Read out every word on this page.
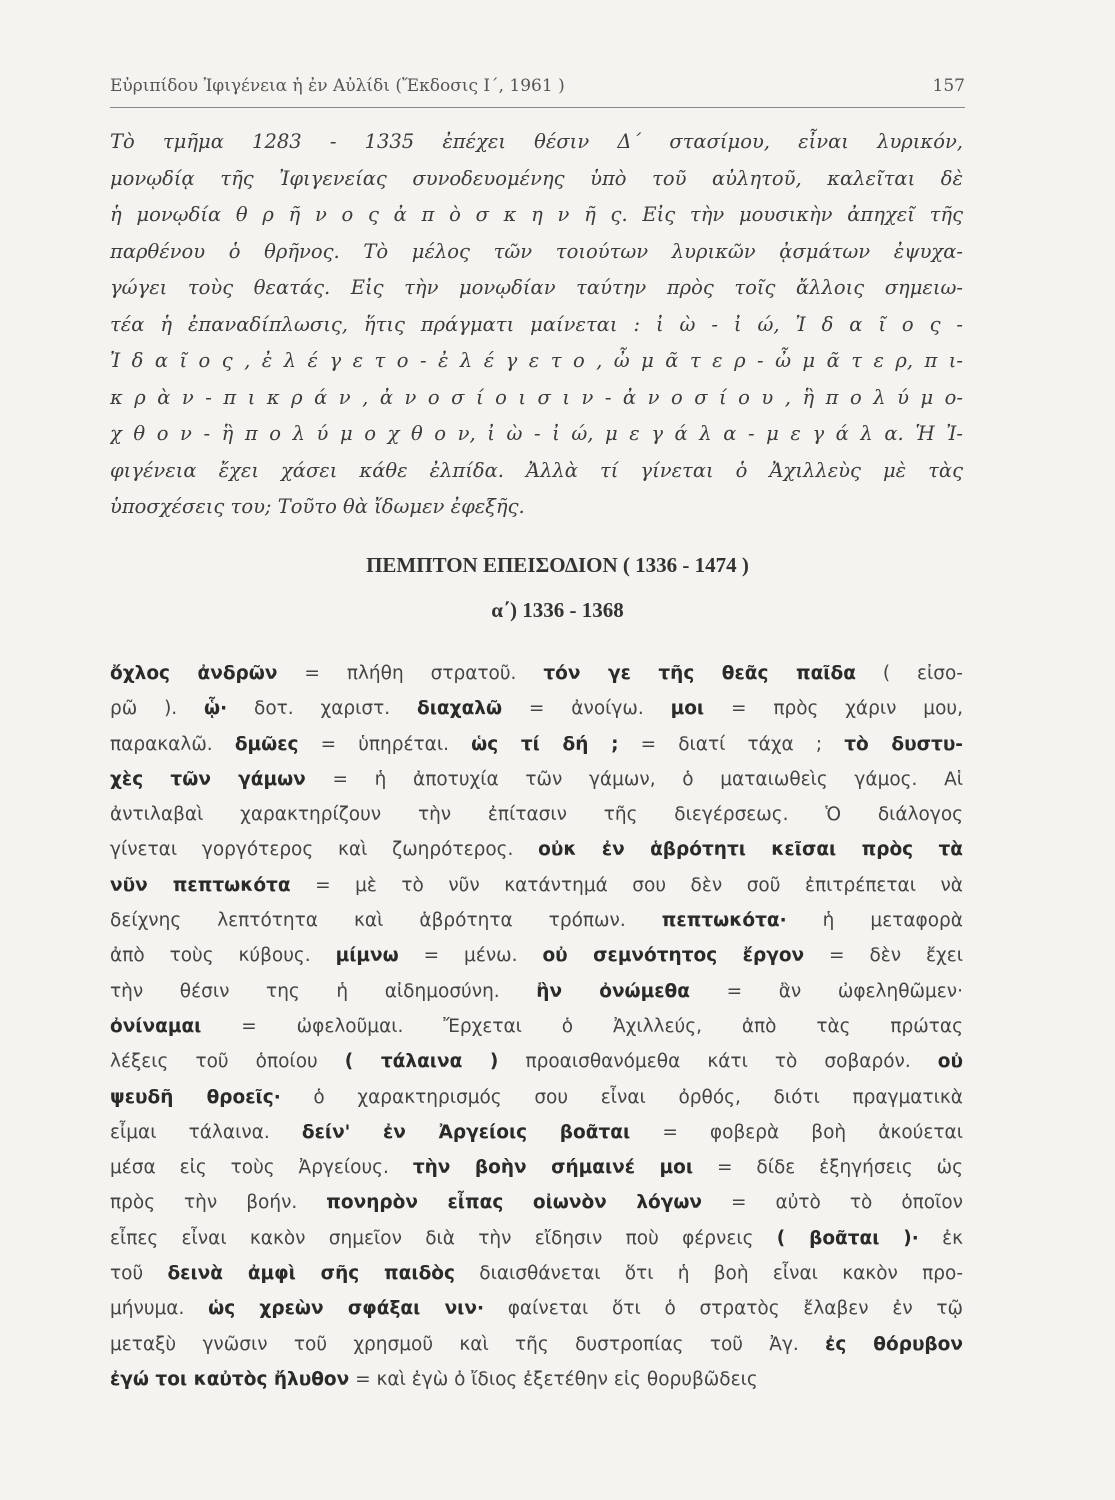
Εὐριπίδου Ἰφιγένεια ἡ ἐν Αὐλίδι (Ἔκδοσις Ι΄, 1961 )	157
Τὸ τμῆμα 1283 - 1335 ἐπέχει θέσιν Δ΄ στασίμου, εἶναι λυρικόν,
μονῳδίᾳ τῆς Ἰφιγενείας συνοδευομένης ὑπὸ τοῦ αὐλητοῦ, καλεῖται δὲ
ἡ μονῳδία θ ρ ῆ ν ο ς ἀ π ὸ σ κ η ν ῆ ς. Εἰς τὴν μουσικὴν ἀπηχεῖ τῆς
παρθένου ὁ θρῆνος. Τὸ μέλος τῶν τοιούτων λυρικῶν ᾀσμάτων ἐψυχα-
γώγει τοὺς θεατάς. Εἰς τὴν μονῳδίαν ταύτην πρὸς τοῖς ἄλλοις σημειω-
τέα ἡ ἐπαναδίπλωσις, ἥτις πράγματι μαίνεται : ἰ ὼ - ἰ ώ, Ἰ δ α ῖ ο ς -
Ἰ δ α ῖ ο ς , ἐ λ έ γ ε τ ο - ἐ λ έ γ ε τ ο , ὦ μ ᾶ τ ε ρ - ὦ μ ᾶ τ ε ρ, π ι-
κ ρ ὰ ν - π ι κ ρ ά ν , ἀ ν ο σ ί ο ι σ ι ν - ἀ ν ο σ ί ο υ , ἣ π ο λ ύ μ ο-
χ θ ο ν - ἣ π ο λ ύ μ ο χ θ ο ν, ἰ ὼ - ἰ ώ, μ ε γ ά λ α - μ ε γ ά λ α. Ἡ Ἰ-
φιγένεια ἔχει χάσει κάθε ἐλπίδα. Ἀλλὰ τί γίνεται ὁ Ἀχιλλεὺς μὲ τὰς
ὑποσχέσεις του; Τοῦτο θὰ ἴδωμεν ἐφεξῆς.
ΠΕΜΠΤΟΝ ΕΠΕΙΣΟΔΙΟΝ ( 1336 - 1474 )
α΄) 1336 - 1368
ὄχλος ἀνδρῶν = πλήθη στρατοῦ. τόν γε τῆς θεᾶς παῖδα ( εἰσο-
ρῶ ). ᾧ· δοτ. χαριστ. διαχαλῶ = ἀνοίγω. μοι = πρὸς χάριν μου,
παρακαλῶ. δμῶες = ὑπηρέται. ὡς τί δή ; = διατί τάχα ; τὸ δυστυ-
χὲς τῶν γάμων = ἡ ἀποτυχία τῶν γάμων, ὁ ματαιωθεὶς γάμος. Αἱ
ἀντιλαβαὶ χαρακτηρίζουν τὴν ἐπίτασιν τῆς διεγέρσεως. Ὁ διάλογος
γίνεται γοργότερος καὶ ζωηρότερος. οὐκ ἐν ἁβρότητι κεῖσαι πρὸς τὰ
νῦν πεπτωκότα = μὲ τὸ νῦν κατάντημά σου δὲν σοῦ ἐπιτρέπεται νὰ
δείχνης λεπτότητα καὶ ἁβρότητα τρόπων. πεπτωκότα· ἡ μεταφορὰ
ἀπὸ τοὺς κύβους. μίμνω = μένω. οὐ σεμνότητος ἔργον = δὲν ἔχει
τὴν θέσιν της ἡ αἰδημοσύνη. ἢν ὀνώμεθα = ἂν ὠφεληθῶμεν·
ὀνίναμαι = ὠφελοῦμαι. Ἔρχεται ὁ Ἀχιλλεύς, ἀπὸ τὰς πρώτας
λέξεις τοῦ ὁποίου ( τάλαινα ) προαισθανόμεθα κάτι τὸ σοβαρόν. οὐ
ψευδῆ θροεῖς· ὁ χαρακτηρισμός σου εἶναι ὀρθός, διότι πραγματικὰ
εἶμαι τάλαινα. δείν' ἐν Ἀργείοις βοᾶται = φοβερὰ βοὴ ἀκούεται
μέσα εἰς τοὺς Ἀργείους. τὴν βοὴν σήμαινέ μοι = δίδε ἐξηγήσεις ὡς
πρὸς τὴν βοήν. πονηρὸν εἶπας οἰωνὸν λόγων = αὐτὸ τὸ ὁποῖον
εἶπες εἶναι κακὸν σημεῖον διὰ τὴν εἴδησιν ποὺ φέρνεις ( βοᾶται )· ἐκ
τοῦ δεινὰ ἀμφὶ σῆς παιδὸς διαισθάνεται ὅτι ἡ βοὴ εἶναι κακὸν προ-
μήνυμα. ὡς χρεὼν σφάξαι νιν· φαίνεται ὅτι ὁ στρατὸς ἔλαβεν ἐν τῷ
μεταξὺ γνῶσιν τοῦ χρησμοῦ καὶ τῆς δυστροπίας τοῦ Ἀγ. ἐς θόρυβον
ἐγώ τοι καὐτὸς ἤλυθον = καὶ ἐγὼ ὁ ἴδιος ἐξετέθην εἰς θορυβῶδεις
